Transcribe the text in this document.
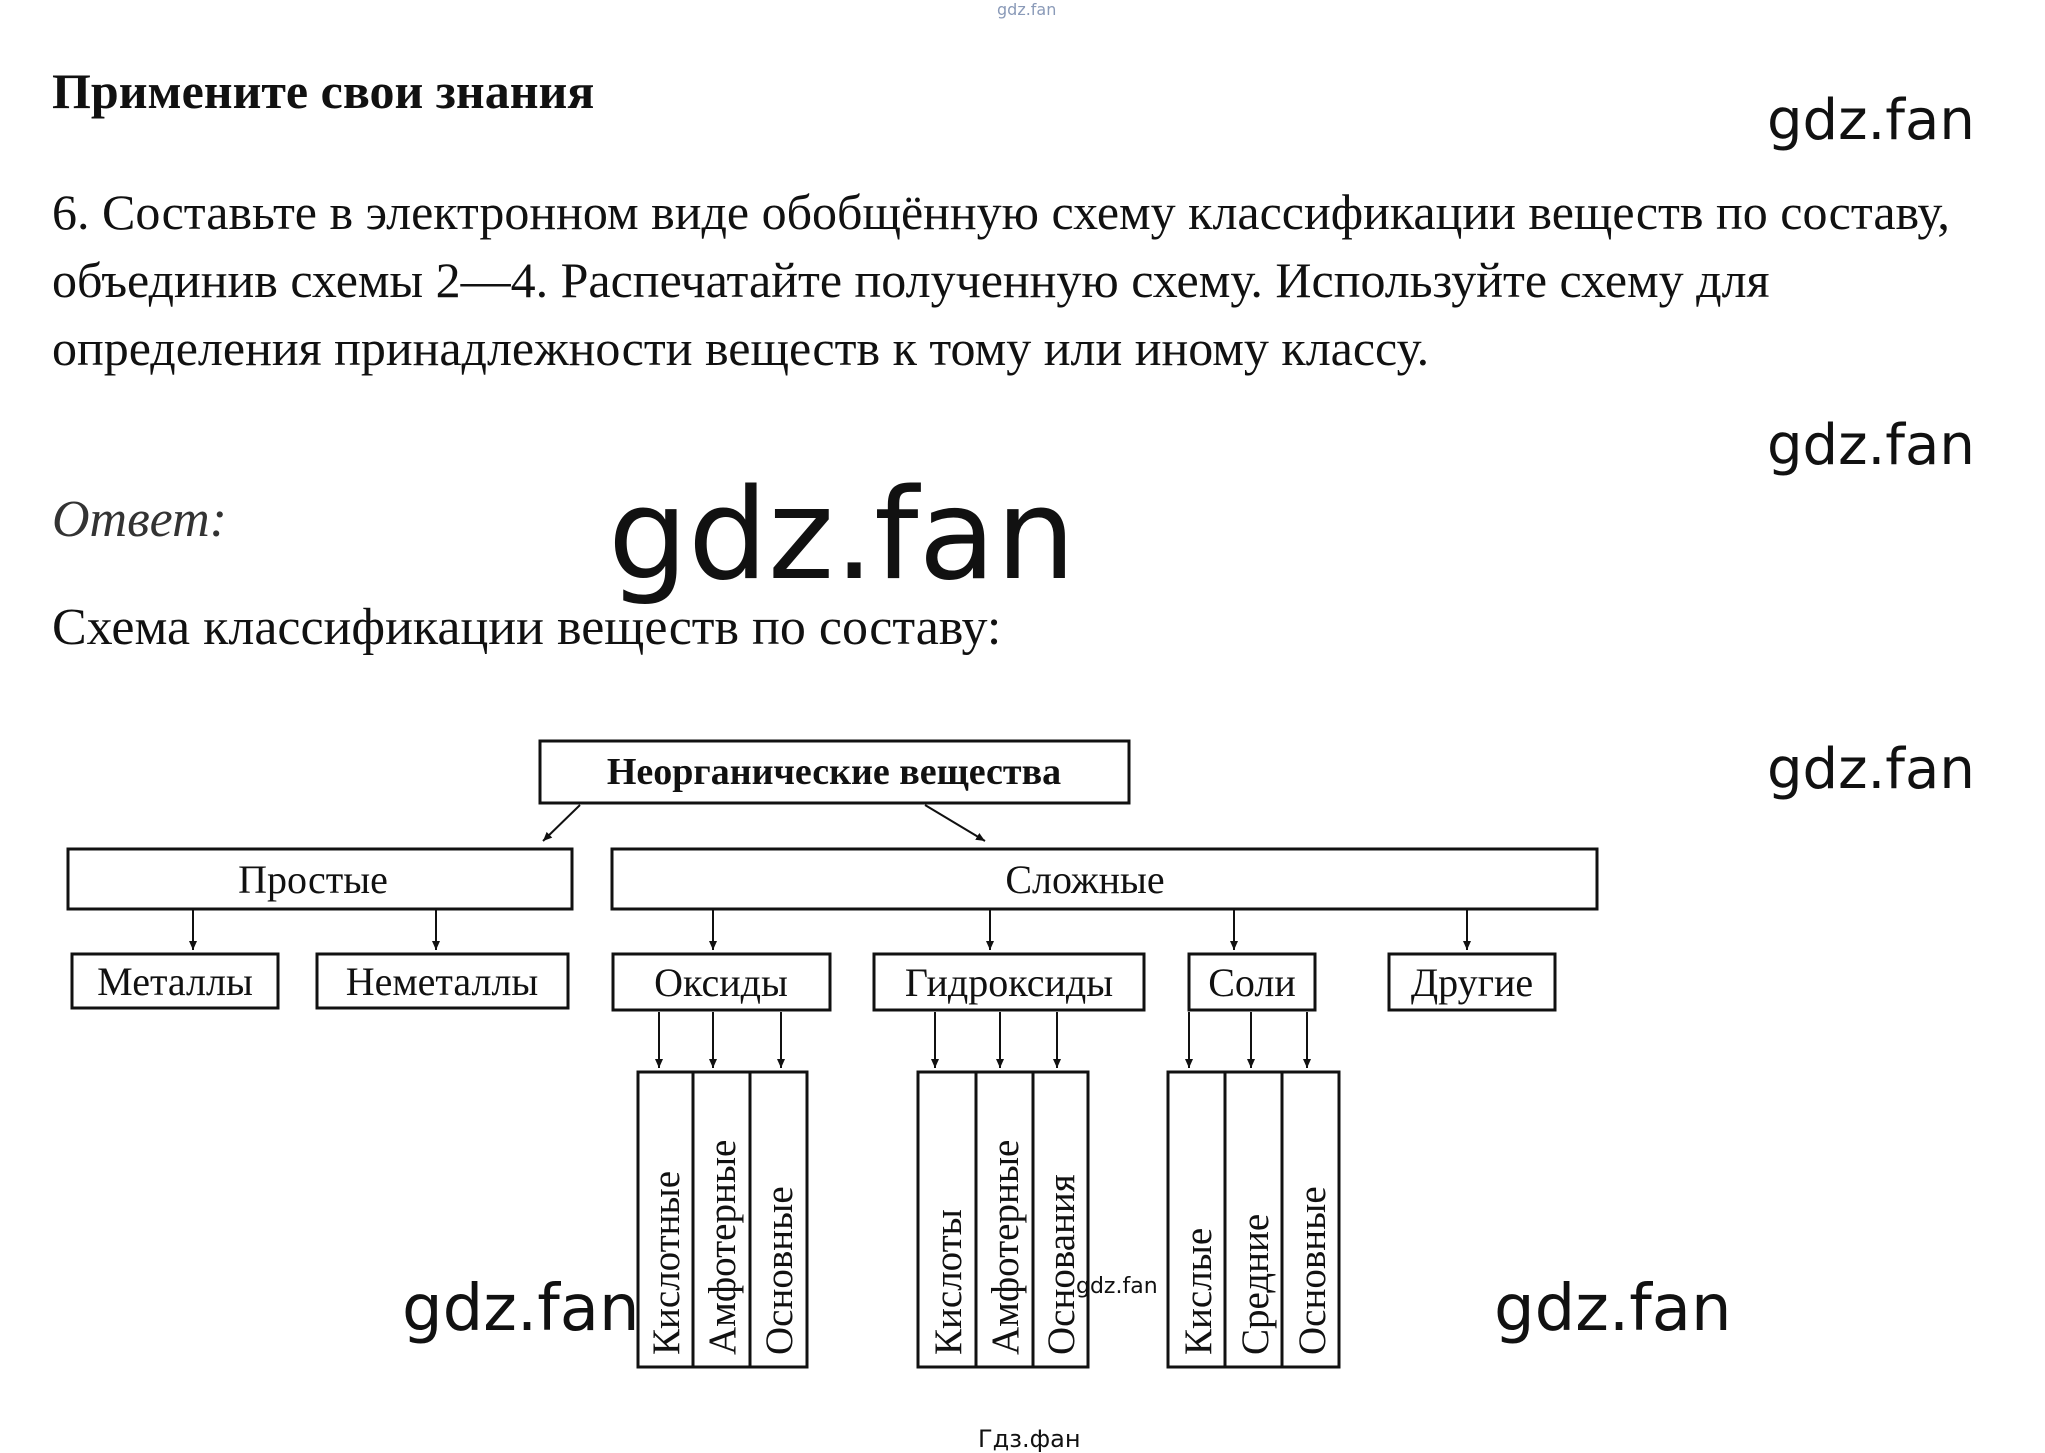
gdz.fan
Примените свои знания	gdz.fan
6. Составьте в электронном виде обобщённую схему классификации веществ по составу, объединив схемы 2—4. Распечатайте полученную схему. Используйте схему для определения принадлежности веществ к тому или иному классу.
gdz.fan
Ответ:
Схема классификации веществ по составу:
gdz.fan
gdz.fan
Неорганические вещества
Простые	Сложные
Металлы Неметаллы	Оксиды	Гидроксиды Соли	Другие
Кислотные Амфотерные Основные	Кислоты Амфотерные Основания Кислые Средние Основные
gdz.fan	gdz.fan	gdz.fan
Гдз.фан
